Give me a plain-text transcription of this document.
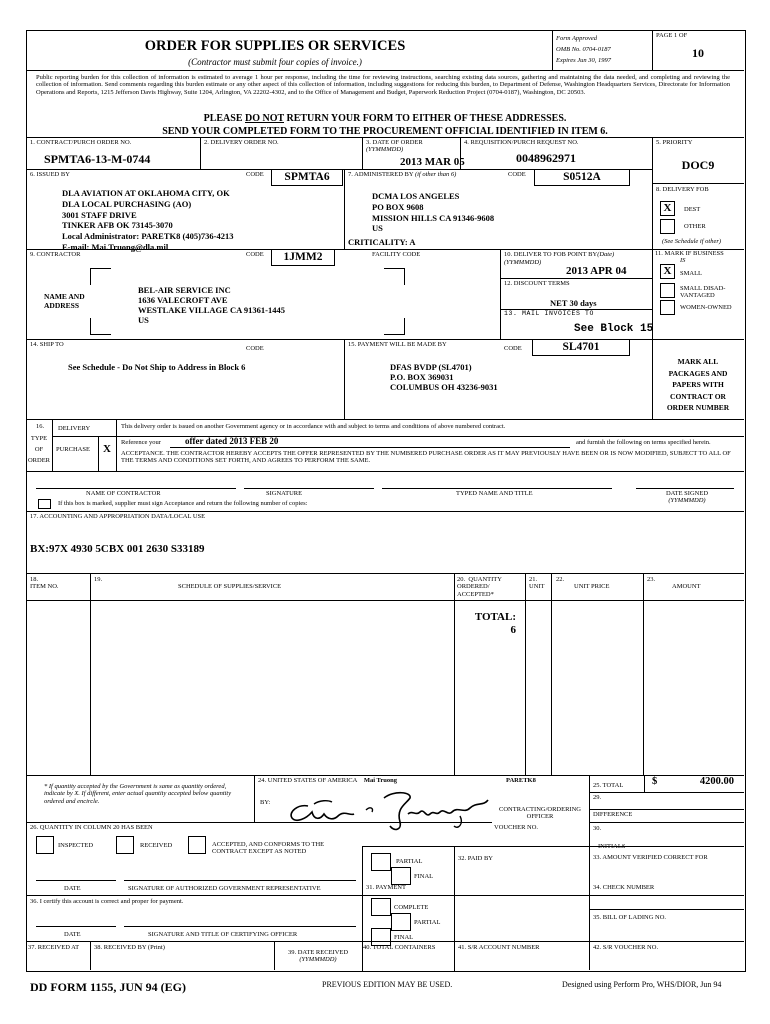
ORDER FOR SUPPLIES OR SERVICES
(Contractor must submit four copies of invoice.)
Form Approved
OMB No. 0704-0187
Expires Jun 30, 1997
PAGE 1 OF
10
Public reporting burden for this collection of information is estimated to average 1 hour per response, including the time for reviewing instructions, searching existing data sources, gathering and maintaining the data needed, and completing and reviewing the collection of information. Send comments regarding this burden estimate or any other aspect of this collection of information, including suggestions for reducing this burden, to Department of Defense, Washington Headquarters Services, Directorate for Information Operations and Reports, 1215 Jefferson Davis Highway, Suite 1204, Arlington, VA 22202-4302, and to the Office of Management and Budget, Paperwork Reduction Project (0704-0187), Washington, DC 20503.
PLEASE DO NOT RETURN YOUR FORM TO EITHER OF THESE ADDRESSES.
SEND YOUR COMPLETED FORM TO THE PROCUREMENT OFFICIAL IDENTIFIED IN ITEM 6.
1. CONTRACT/PURCH ORDER NO.
SPMTA6-13-M-0744
2. DELIVERY ORDER NO.	3. DATE OF ORDER
(YYMMMDD)
2013 MAR 05
4. REQUISITION/PURCH REQUEST NO.
0048962971
5. PRIORITY
DOC9
6. ISSUED BY	CODE	SPMTA6
DLA AVIATION AT OKLAHOMA CITY, OK
DLA LOCAL PURCHASING (AO)
3001 STAFF DRIVE
TINKER AFB OK 73145-3070
Local Administrator: PARETK8 (405)736-4213
E-mail: Mai.Truong@dla.mil
7. ADMINISTERED BY (if other than 6)	CODE	S0512A
DCMA LOS ANGELES
PO BOX 9608
MISSION HILLS CA 91346-9608
US
CRITICALITY: A
8. DELIVERY FOB
X	DEST
OTHER
(See Schedule if other)
9. CONTRACTOR	CODE	1JMM2	FACILITY CODE
NAME AND
ADDRESS
BEL-AIR SERVICE INC
1636 VALECROFT AVE
WESTLAKE VILLAGE CA 91361-1445
US
10. DELIVER TO FOB POINT BY(Date)
(YYMMMDD)
2013 APR 04
12. DISCOUNT TERMS
NET 30 days
13. MAIL INVOICES TO
See Block 15
11. MARK IF BUSINESS
IS
X	SMALL
SMALL DISAD-
VANTAGED
WOMEN-OWNED
14. SHIP TO
CODE
See Schedule - Do Not Ship to Address in Block 6
15. PAYMENT WILL BE MADE BY
CODE	SL4701
DFAS BVDP (SL4701)
P.O. BOX 369031
COLUMBUS OH 43236-9031
MARK ALL
PACKAGES AND
PAPERS WITH
CONTRACT OR
ORDER NUMBER
16.
TYPE
OF
ORDER
DELIVERY
PURCHASE	X
This delivery order is issued on another Government agency or in accordance with and subject to terms and conditions of above numbered contract.
Reference your	offer dated 2013 FEB 20	and furnish the following on terms specified herein.
ACCEPTANCE. THE CONTRACTOR HEREBY ACCEPTS THE OFFER REPRESENTED BY THE NUMBERED PURCHASE ORDER AS IT MAY PREVIOUSLY HAVE BEEN OR IS NOW MODIFIED, SUBJECT TO ALL OF THE TERMS AND CONDITIONS SET FORTH, AND AGREES TO PERFORM THE SAME.
NAME OF CONTRACTOR	SIGNATURE	TYPED NAME AND TITLE	DATE SIGNED
(YYMMMDD)
If this box is marked, supplier must sign Acceptance and return the following number of copies:
17. ACCOUNTING AND APPROPRIATION DATA/LOCAL USE
BX:97X 4930 5CBX 001 2630 S33189
18.
ITEM NO.
19.
SCHEDULE OF SUPPLIES/SERVICE
20.  QUANTITY
ORDERED/
ACCEPTED*
21.
UNIT
22.
UNIT PRICE
23.
AMOUNT
TOTAL:
6
* If quantity accepted by the Government is same as quantity ordered, indicate by X. If different, enter actual quantity accepted below quantity ordered and encircle.
24. UNITED STATES OF AMERICA Mai Truong	PARETK8
BY:
CONTRACTING/ORDERING
OFFICER
25. TOTAL	$	4200.00
29.
DIFFERENCE
30.
INITIALS
26. QUANTITY IN COLUMN 20 HAS BEEN	VOUCHER NO.
INSPECTED	RECEIVED	ACCEPTED, AND CONFORMS TO THE CONTRACT EXCEPT AS NOTED
PARTIAL
FINAL
32. PAID BY	33. AMOUNT VERIFIED CORRECT FOR
DATE	SIGNATURE OF AUTHORIZED GOVERNMENT REPRESENTATIVE	31. PAYMENT	34. CHECK NUMBER
36. I certify this account is correct and proper for payment.
COMPLETE
PARTIAL
FINAL
35. BILL OF LADING NO.
DATE	SIGNATURE AND TITLE OF CERTIFYING OFFICER
37. RECEIVED AT 38. RECEIVED BY (Print)
39. DATE RECEIVED
(YYMMMDD)
40. TOTAL CONTAINERS	41. S/R ACCOUNT NUMBER	42. S/R VOUCHER NO.
DD FORM 1155, JUN 94 (EG)	PREVIOUS EDITION MAY BE USED.	Designed using Perform Pro, WHS/DIOR, Jun 94
